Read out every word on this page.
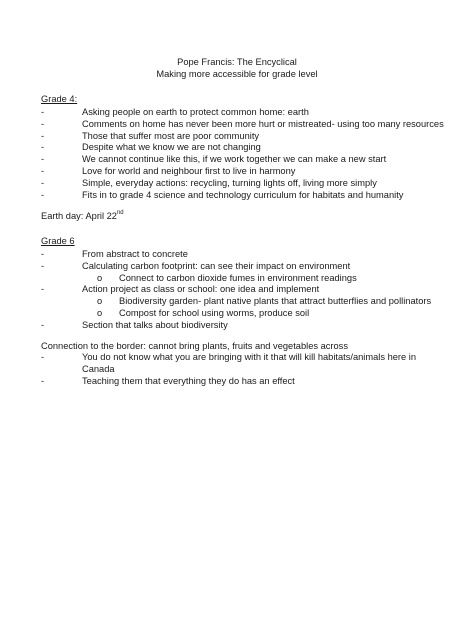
Pope Francis: The Encyclical
Making more accessible for grade level
Grade 4:
-	Asking people on earth to protect common home: earth
-	Comments on home has never been more hurt or mistreated- using too many resources
-	Those that suffer most are poor community
-	Despite what we know we are not changing
-	We cannot continue like this, if we work together we can make a new start
-	Love for world and neighbour first to live in harmony
-	Simple, everyday actions: recycling, turning lights off, living more simply
-	Fits in to grade 4 science and technology curriculum for habitats and humanity
Earth day: April 22nd
Grade 6
-	From abstract to concrete
-	Calculating carbon footprint: can see their impact on environment
o	Connect to carbon dioxide fumes in environment readings
-	Action project as class or school: one idea and implement
o	Biodiversity garden- plant native plants that attract butterflies and pollinators
o	Compost for school using worms, produce soil
-	Section that talks about biodiversity
Connection to the border: cannot bring plants, fruits and vegetables across
-	You do not know what you are bringing with it that will kill habitats/animals here in Canada
-	Teaching them that everything they do has an effect
